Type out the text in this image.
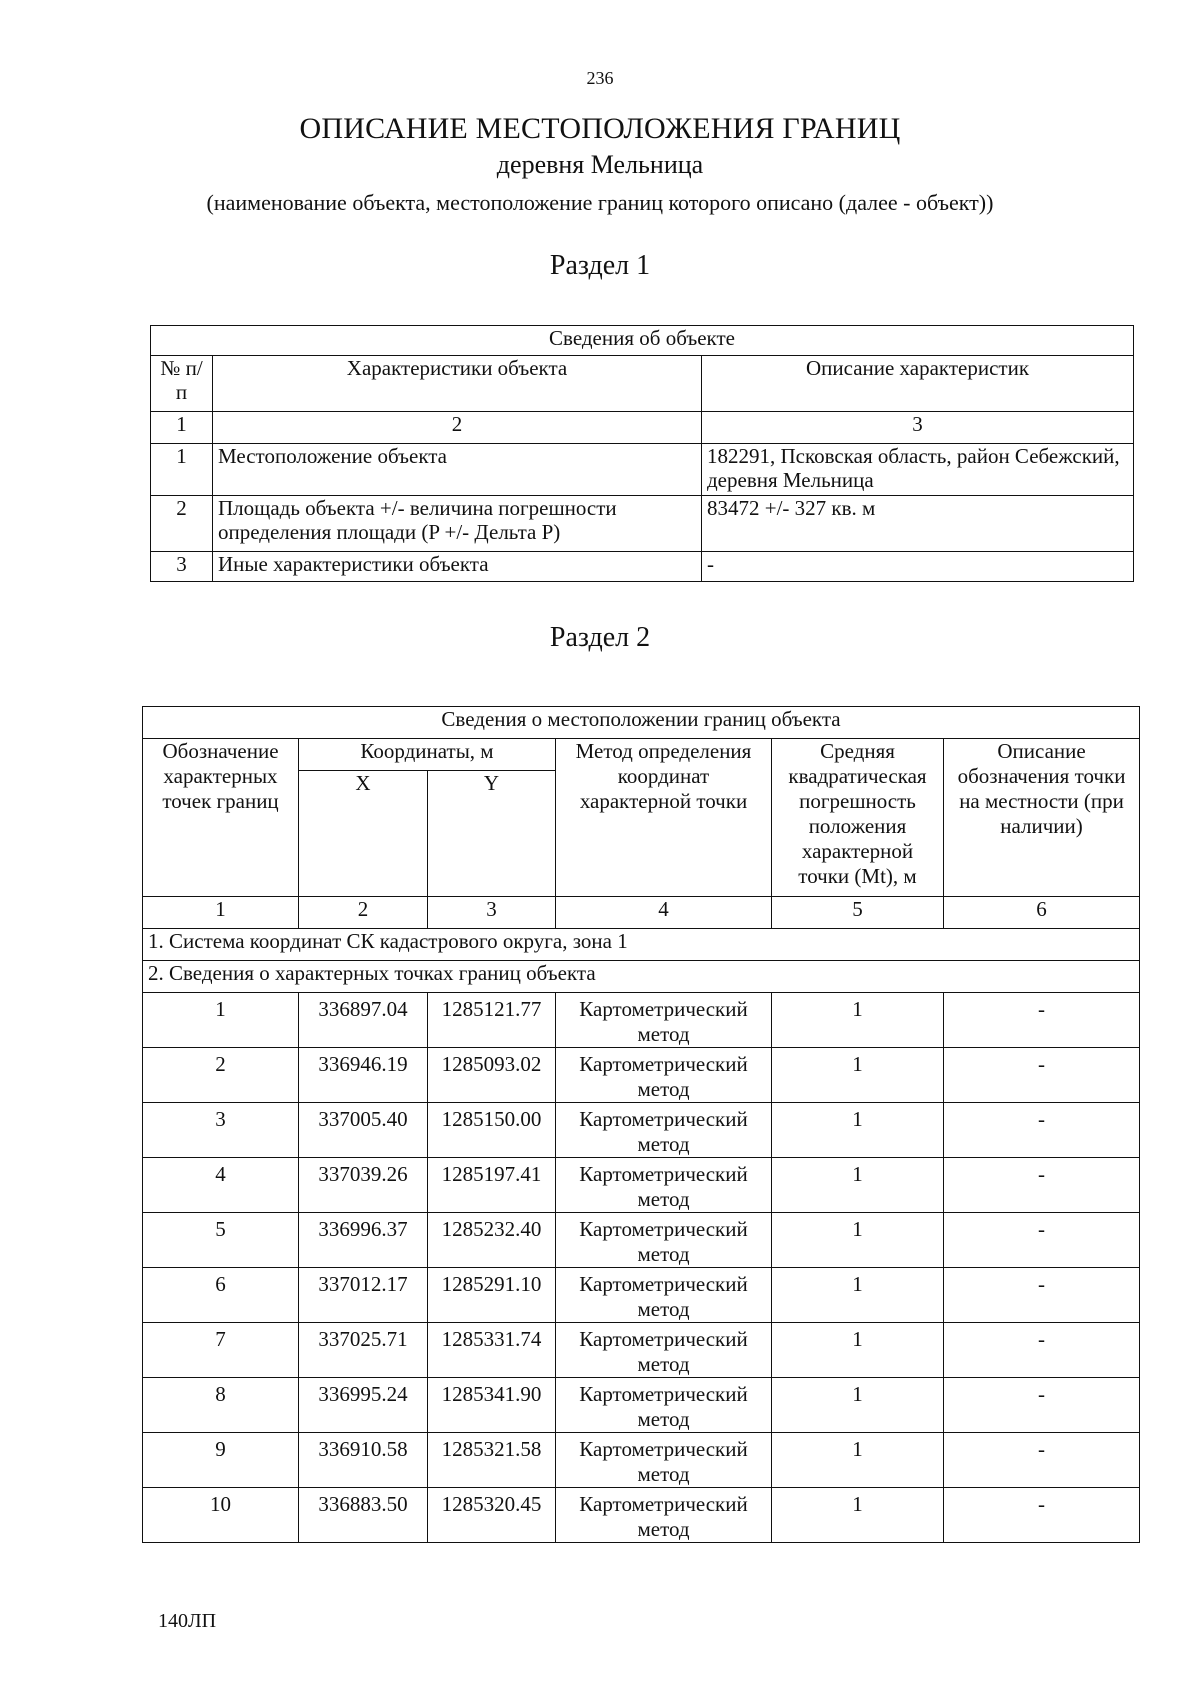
236
ОПИСАНИЕ МЕСТОПОЛОЖЕНИЯ ГРАНИЦ
деревня Мельница
(наименование объекта, местоположение границ которого описано (далее - объект))
Раздел 1
Сведения об объекте		
№ п/п	Характеристики объекта	Описание характеристик
1	2	3
1	Местоположение объекта	182291, Псковская область, район Себежский, деревня Мельница
2	Площадь объекта +/- величина погрешности определения площади (P +/- Дельта P)	83472 +/- 327 кв. м
3	Иные характеристики объекта	-
Раздел 2
Сведения о местоположении границ объекта					
Обозначение характерных точек границ	Координаты, м		Метод определения координат характерной точки	Средняя квадратическая погрешность положения характерной точки (Mt), м	Описание обозначения точки на местности (при наличии)
	X	Y			
1	2	3	4	5	6
1. Система координат СК кадастрового округа, зона 1					
2. Сведения о характерных точках границ объекта					
1	336897.04	1285121.77	Картометрический метод	1	-
2	336946.19	1285093.02	Картометрический метод	1	-
3	337005.40	1285150.00	Картометрический метод	1	-
4	337039.26	1285197.41	Картометрический метод	1	-
5	336996.37	1285232.40	Картометрический метод	1	-
6	337012.17	1285291.10	Картометрический метод	1	-
7	337025.71	1285331.74	Картометрический метод	1	-
8	336995.24	1285341.90	Картометрический метод	1	-
9	336910.58	1285321.58	Картометрический метод	1	-
10	336883.50	1285320.45	Картометрический метод	1	-
140ЛП
